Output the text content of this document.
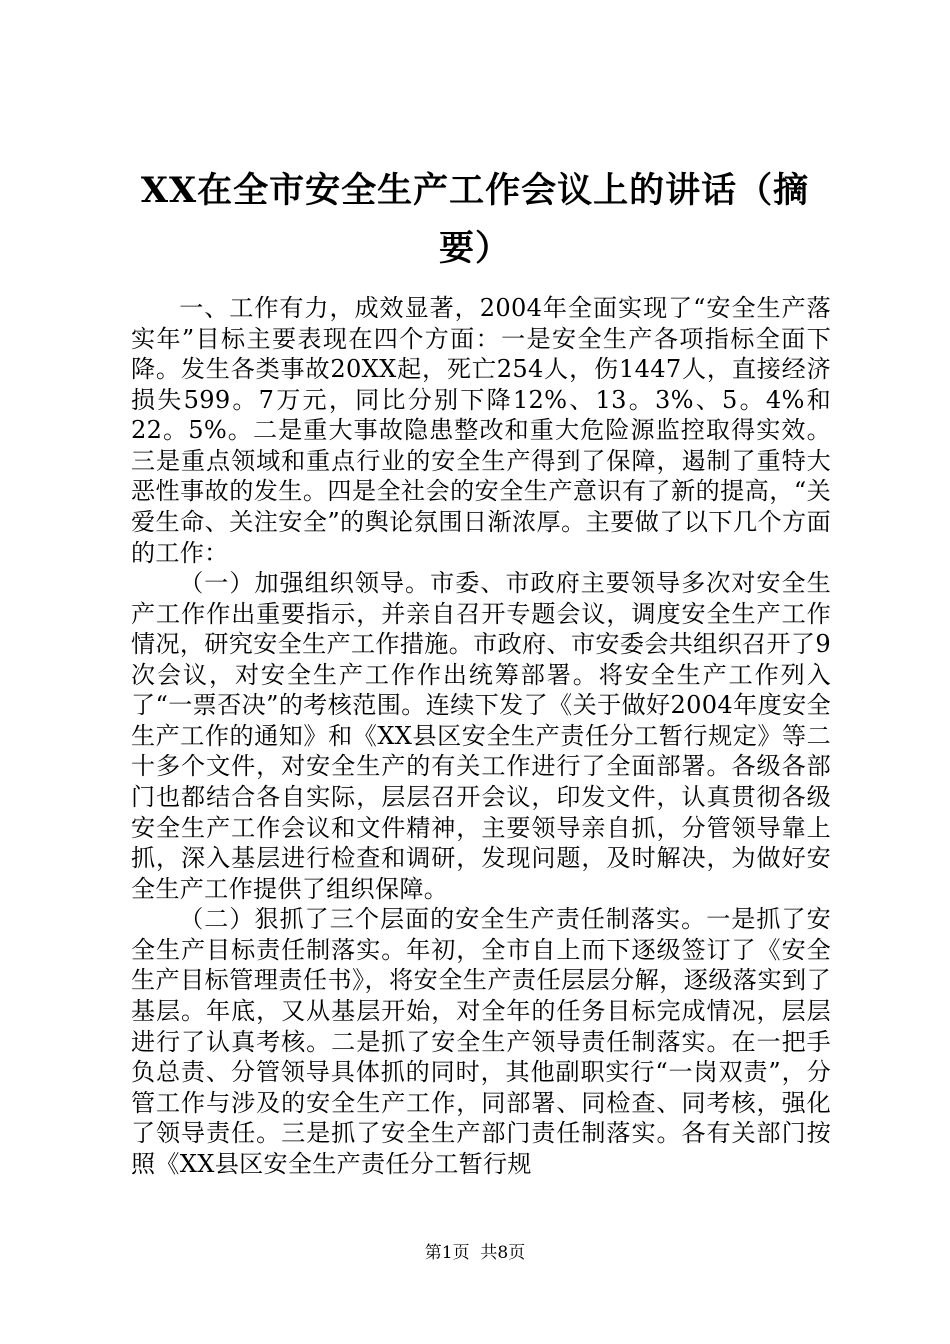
XX在全市安全生产工作会议上的讲话（摘要）

一、工作有力，成效显著，2004年全面实现了“安全生产落实年”目标主要表现在四个方面：一是安全生产各项指标全面下降。发生各类事故20XX起，死亡254人，伤1447人，直接经济损失599。7万元，同比分别下降12%、13。3%、5。4%和22。5%。二是重大事故隐患整改和重大危险源监控取得实效。三是重点领域和重点行业的安全生产得到了保障，遏制了重特大恶性事故的发生。四是全社会的安全生产意识有了新的提高，“关爱生命、关注安全”的舆论氛围日渐浓厚。主要做了以下几个方面的工作：

（一）加强组织领导。市委、市政府主要领导多次对安全生产工作作出重要指示，并亲自召开专题会议，调度安全生产工作情况，研究安全生产工作措施。市政府、市安委会共组织召开了9次会议，对安全生产工作作出统筹部署。将安全生产工作列入了“一票否决”的考核范围。连续下发了《关于做好2004年度安全生产工作的通知》和《XX县区安全生产责任分工暂行规定》等二十多个文件，对安全生产的有关工作进行了全面部署。各级各部门也都结合各自实际，层层召开会议，印发文件，认真贯彻各级安全生产工作会议和文件精神，主要领导亲自抓，分管领导靠上抓，深入基层进行检查和调研，发现问题，及时解决，为做好安全生产工作提供了组织保障。

（二）狠抓了三个层面的安全生产责任制落实。一是抓了安全生产目标责任制落实。年初，全市自上而下逐级签订了《安全生产目标管理责任书》，将安全生产责任层层分解，逐级落实到了基层。年底，又从基层开始，对全年的任务目标完成情况，层层进行了认真考核。二是抓了安全生产领导责任制落实。在一把手负总责、分管领导具体抓的同时，其他副职实行“一岗双责”，分管工作与涉及的安全生产工作，同部署、同检查、同考核，强化了领导责任。三是抓了安全生产部门责任制落实。各有关部门按照《XX县区安全生产责任分工暂行规

第1页 共8页
